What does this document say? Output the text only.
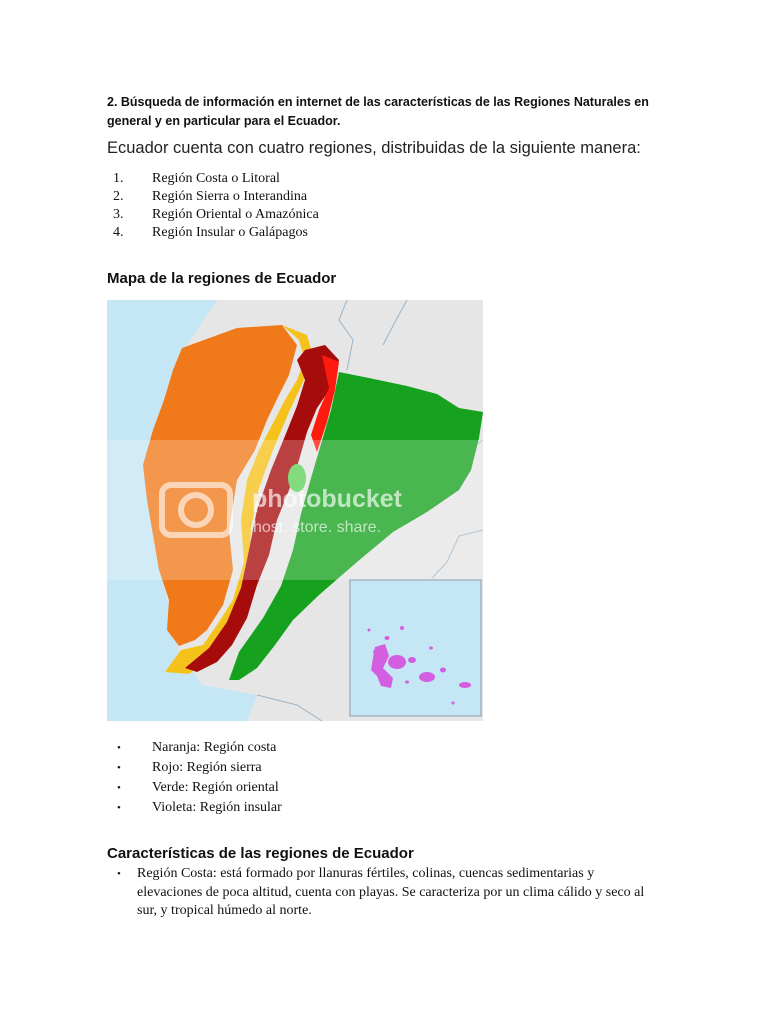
2. Búsqueda de información en internet de las características de las Regiones Naturales en general y en particular para el Ecuador.
Ecuador cuenta con cuatro regiones, distribuidas de la siguiente manera:
1. Región Costa o Litoral
2. Región Sierra o Interandina
3. Región Oriental o Amazónica
4. Región Insular o Galápagos
Mapa de la regiones de Ecuador
photobucket
host. store. share.
• Naranja: Región costa
• Rojo: Región sierra
• Verde: Región oriental
• Violeta: Región insular
Características de las regiones de Ecuador
• Región Costa: está formado por llanuras fértiles, colinas, cuencas sedimentarias y elevaciones de poca altitud, cuenta con playas. Se caracteriza por un clima cálido y seco al sur, y tropical húmedo al norte.
